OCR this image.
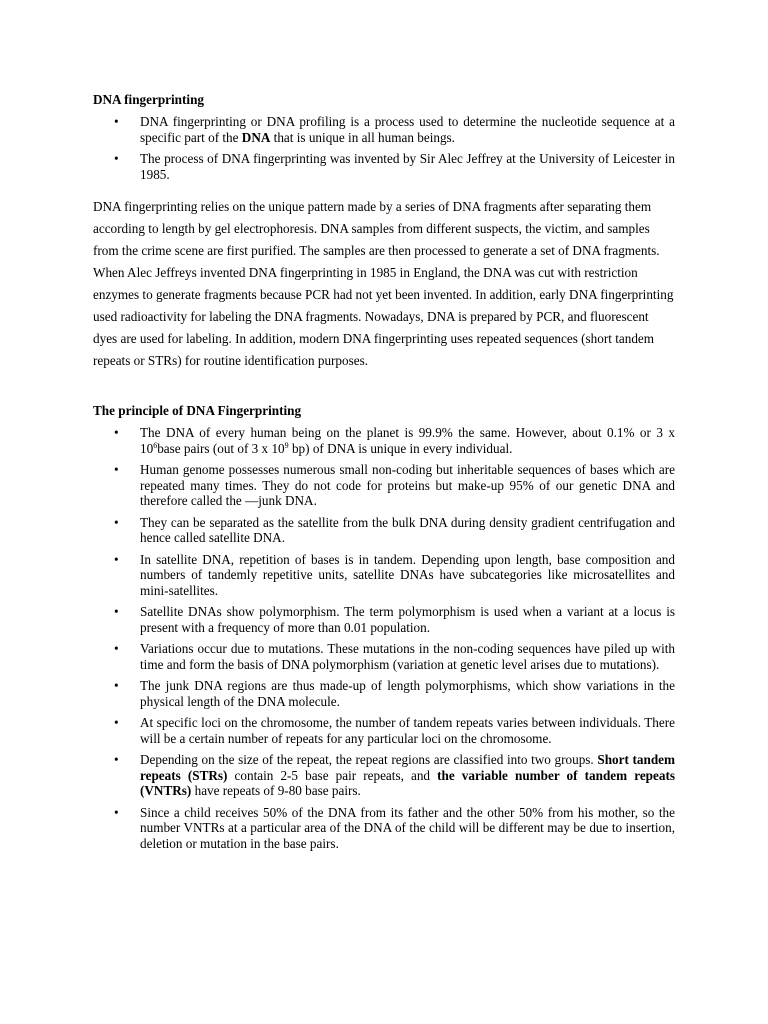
DNA fingerprinting

• DNA fingerprinting or DNA profiling is a process used to determine the nucleotide sequence at a specific part of the DNA that is unique in all human beings.
• The process of DNA fingerprinting was invented by Sir Alec Jeffrey at the University of Leicester in 1985.

DNA fingerprinting relies on the unique pattern made by a series of DNA fragments after separating them according to length by gel electrophoresis. DNA samples from different suspects, the victim, and samples from the crime scene are first purified. The samples are then processed to generate a set of DNA fragments. When Alec Jeffreys invented DNA fingerprinting in 1985 in England, the DNA was cut with restriction enzymes to generate fragments because PCR had not yet been invented. In addition, early DNA fingerprinting used radioactivity for labeling the DNA fragments. Nowadays, DNA is prepared by PCR, and fluorescent dyes are used for labeling. In addition, modern DNA fingerprinting uses repeated sequences (short tandem repeats or STRs) for routine identification purposes.

The principle of DNA Fingerprinting

• The DNA of every human being on the planet is 99.9% the same. However, about 0.1% or 3 x $10^6base$ pairs (out of 3 x $10^9$ bp) of DNA is unique in every individual.
• Human genome possesses numerous small non-coding but inheritable sequences of bases which are repeated many times. They do not code for proteins but make-up 95% of our genetic DNA and therefore called the —junk DNA.
• They can be separated as the satellite from the bulk DNA during density gradient centrifugation and hence called satellite DNA.
• In satellite DNA, repetition of bases is in tandem. Depending upon length, base composition and numbers of tandemly repetitive units, satellite DNAs have subcategories like microsatellites and mini-satellites.
• Satellite DNAs show polymorphism. The term polymorphism is used when a variant at a locus is present with a frequency of more than 0.01 population.
• Variations occur due to mutations. These mutations in the non-coding sequences have piled up with time and form the basis of DNA polymorphism (variation at genetic level arises due to mutations).
• The junk DNA regions are thus made-up of length polymorphisms, which show variations in the physical length of the DNA molecule.
• At specific loci on the chromosome, the number of tandem repeats varies between individuals. There will be a certain number of repeats for any particular loci on the chromosome.
• Depending on the size of the repeat, the repeat regions are classified into two groups. Short tandem repeats (STRs) contain 2-5 base pair repeats, and the variable number of tandem repeats (VNTRs) have repeats of 9-80 base pairs.
• Since a child receives 50% of the DNA from its father and the other 50% from his mother, so the number VNTRs at a particular area of the DNA of the child will be different may be due to insertion, deletion or mutation in the base pairs.
